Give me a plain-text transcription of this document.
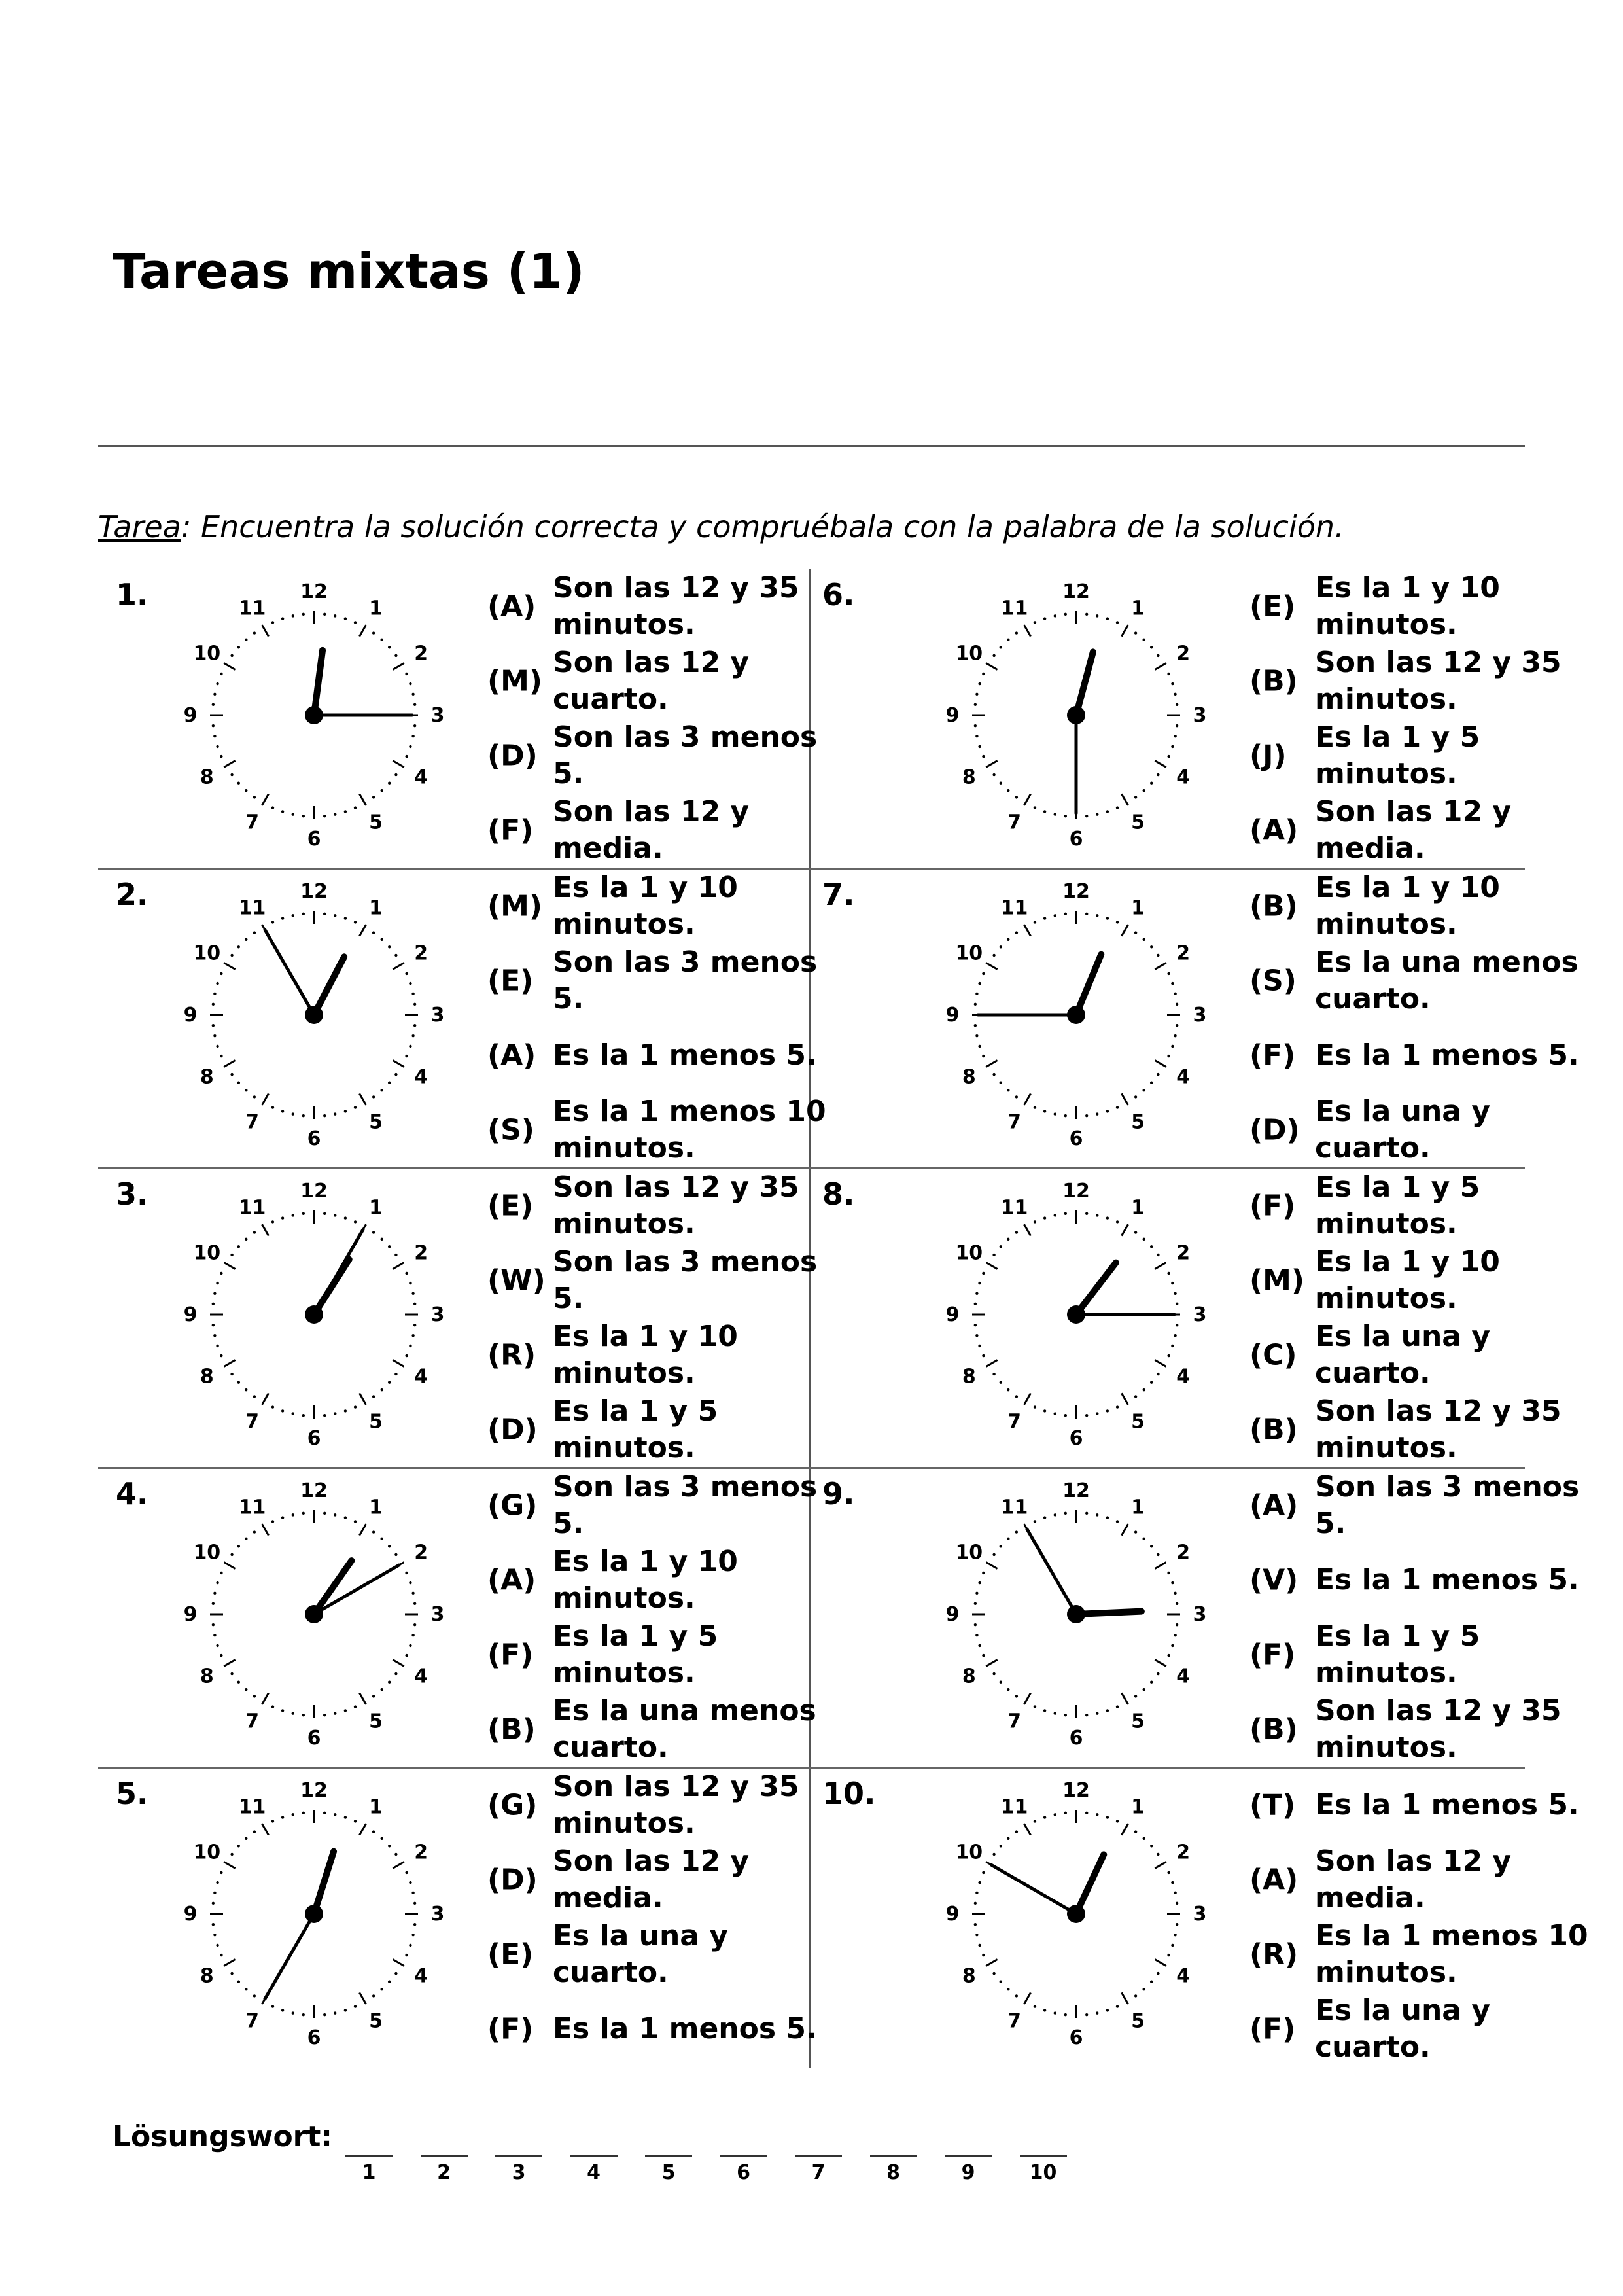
Tareas mixtas (1)
Tarea: Encuentra la solución correcta y compruébala con la palabra de la solución.
1.	1
2
3
4
5
6
7
8
9
10
11
12	(A)
Son las 12 y 35 minutos.
(M)
Son las 12 y cuarto.
(D)
Son las 3 menos 5.
(F)
Son las 12 y media.
2.	1
2
3
4
5
6
7
8
9
10
11
12	(M)
Es la 1 y 10 minutos.
(E)
Son las 3 menos 5.
(A) Es la 1 menos 5.
(S)
Es la 1 menos 10 minutos.
3.	1
2
3
4
5
6
7
8
9
10
11
12	(E)
Son las 12 y 35 minutos.
(W)
Son las 3 menos 5.
(R)
Es la 1 y 10 minutos.
(D)
Es la 1 y 5 minutos.
4.	1
2
3
4
5
6
7
8
9
10
11
12	(G)
Son las 3 menos 5.
(A)
Es la 1 y 10 minutos.
(F)
Es la 1 y 5 minutos.
(B)
Es la una menos cuarto.
5.	1
2
3
4
5
6
7
8
9
10
11
12	(G)
Son las 12 y 35 minutos.
(D)
Son las 12 y media.
(E)
Es la una y cuarto.
(F) Es la 1 menos 5.
6.	1
2
3
4
5
6
7
8
9
10
11
12	(E)
Es la 1 y 10 minutos.
(B)
Son las 12 y 35 minutos.
(J)
Es la 1 y 5 minutos.
(A)
Son las 12 y media.
7.	1
2
3
4
5
6
7
8
9
10
11
12	(B)
Es la 1 y 10 minutos.
(S)
Es la una menos cuarto.
(F) Es la 1 menos 5.
(D)
Es la una y cuarto.
8.	1
2
3
4
5
6
7
8
9
10
11
12	(F)
Es la 1 y 5 minutos.
(M)
Es la 1 y 10 minutos.
(C)
Es la una y cuarto.
(B)
Son las 12 y 35 minutos.
9.	1
2
3
4
5
6
7
8
9
10
11
12	(A)
Son las 3 menos 5.
(V) Es la 1 menos 5.
(F)
Es la 1 y 5 minutos.
(B)
Son las 12 y 35 minutos.
10.	1
2
3
4
5
6
7
8
9
10
11
12	(T) Es la 1 menos 5.
(A)
Son las 12 y media.
(R)
Es la 1 menos 10 minutos.
(F)
Es la una y cuarto.
Lösungswort:
1	2	3	4	5	6	7	8	9	10
